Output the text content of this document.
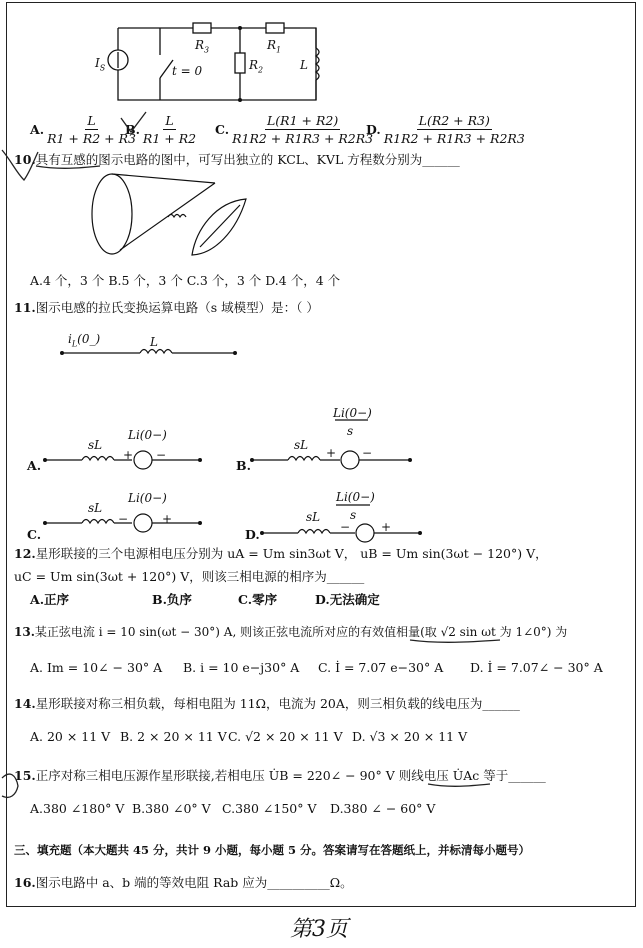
$I_S$	t = 0
$R_3$	$R_1$
$R_2$	L
A. $\frac{L}{R1 + R2 + R3}$
B. $\frac{L}{R1 + R2} C$. $\frac{L(R1 + R2)}{R1R2 + R1R3 + R2R3}$
D. $\frac{L(R2 + R3)}{R1R2 + R1R3 + R2R3}$
10.具有互感的图示电路的图中，可写出独立的 KCL、KVL 方程数分别为______
A.4 个，3 个 B.5 个，3 个 C.3 个，3 个 D.4 个，4 个
11.图示电感的拉氏变换运算电路（s 域模型）是：（ ）
$i_L(0\_)$	L
A.
sL
Li(0−)
+ −
B.
sL
Li(0−)
s
+ −
C.
sL
Li(0−)
−	+
D.
sL
Li(0−)
s
−	+
12.星形联接的三个电源相电压分别为 uA = Um sin3ωt V， uB = Um sin(3ωt − 120°) V，
uC = Um sin(3ωt + 120°) V，则该三相电源的相序为______
A.正序	B.负序	C.零序	D.无法确定
13.某正弦电流 i = 10 sin(ωt − 30°) A, 则该正弦电流所对应的有效值相量(取 √2 sin ωt 为 1∠0°) 为
A. Im = 10∠ − 30° A B. i = 10 e−j30° A C. İ = 7.07 e−30° A D. İ = 7.07∠ − 30° A
14.星形联接对称三相负载，每相电阻为 11Ω，电流为 20A，则三相负载的线电压为______
A. 20 × 11 V B. 2 × 20 × 11 V C. √2 × 20 × 11 V D. √3 × 20 × 11 V
15.正序对称三相电压源作星形联接,若相电压 U̇B = 220∠ − 90° V 则线电压 U̇Ac 等于______
A.380 ∠180° V B.380 ∠0° V C.380 ∠150° V D.380 ∠ − 60° V
三、填充题（本大题共 45 分，共计 9 小题，每小题 5 分。答案请写在答题纸上，并标清每小题号）
16.图示电路中 a、b 端的等效电阻 Rab 应为__________Ω。
第3页
